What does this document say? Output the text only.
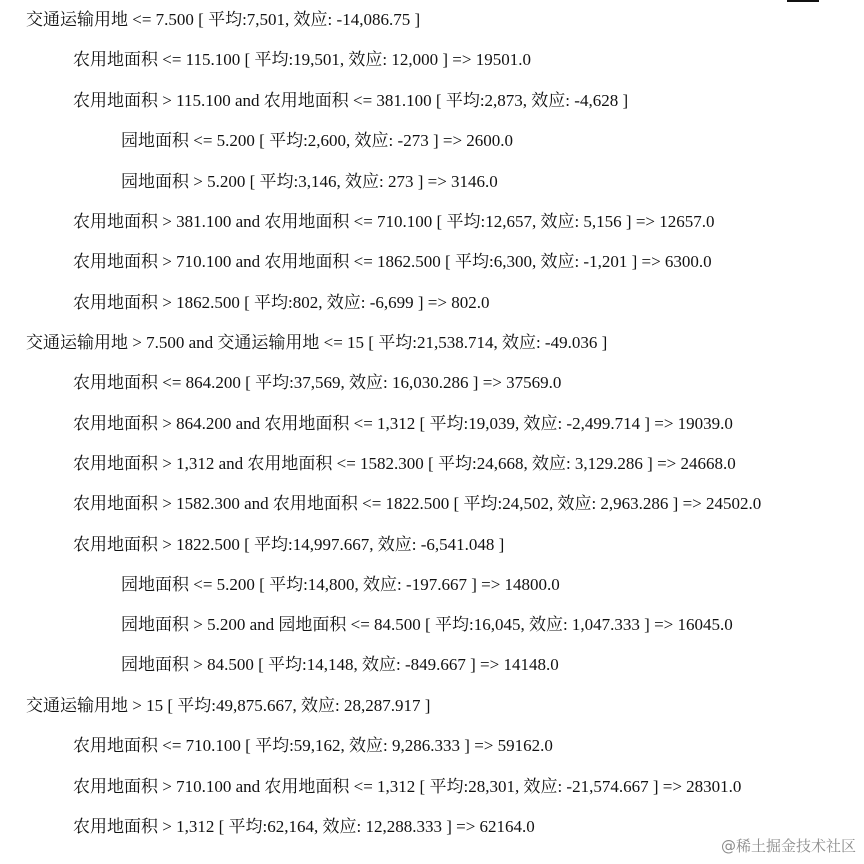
交通运输用地 <= 7.500 [ 平均:7,501, 效应: -14,086.75 ]
农用地面积 <= 115.100 [ 平均:19,501, 效应: 12,000 ] => 19501.0
农用地面积 > 115.100 and 农用地面积 <= 381.100 [ 平均:2,873, 效应: -4,628 ]
园地面积 <= 5.200 [ 平均:2,600, 效应: -273 ] => 2600.0
园地面积 > 5.200 [ 平均:3,146, 效应: 273 ] => 3146.0
农用地面积 > 381.100 and 农用地面积 <= 710.100 [ 平均:12,657, 效应: 5,156 ] => 12657.0
农用地面积 > 710.100 and 农用地面积 <= 1862.500 [ 平均:6,300, 效应: -1,201 ] => 6300.0
农用地面积 > 1862.500 [ 平均:802, 效应: -6,699 ] => 802.0
交通运输用地 > 7.500 and 交通运输用地 <= 15 [ 平均:21,538.714, 效应: -49.036 ]
农用地面积 <= 864.200 [ 平均:37,569, 效应: 16,030.286 ] => 37569.0
农用地面积 > 864.200 and 农用地面积 <= 1,312 [ 平均:19,039, 效应: -2,499.714 ] => 19039.0
农用地面积 > 1,312 and 农用地面积 <= 1582.300 [ 平均:24,668, 效应: 3,129.286 ] => 24668.0
农用地面积 > 1582.300 and 农用地面积 <= 1822.500 [ 平均:24,502, 效应: 2,963.286 ] => 24502.0
农用地面积 > 1822.500 [ 平均:14,997.667, 效应: -6,541.048 ]
园地面积 <= 5.200 [ 平均:14,800, 效应: -197.667 ] => 14800.0
园地面积 > 5.200 and 园地面积 <= 84.500 [ 平均:16,045, 效应: 1,047.333 ] => 16045.0
园地面积 > 84.500 [ 平均:14,148, 效应: -849.667 ] => 14148.0
交通运输用地 > 15 [ 平均:49,875.667, 效应: 28,287.917 ]
农用地面积 <= 710.100 [ 平均:59,162, 效应: 9,286.333 ] => 59162.0
农用地面积 > 710.100 and 农用地面积 <= 1,312 [ 平均:28,301, 效应: -21,574.667 ] => 28301.0
农用地面积 > 1,312 [ 平均:62,164, 效应: 12,288.333 ] => 62164.0
@稀土掘金技术社区
